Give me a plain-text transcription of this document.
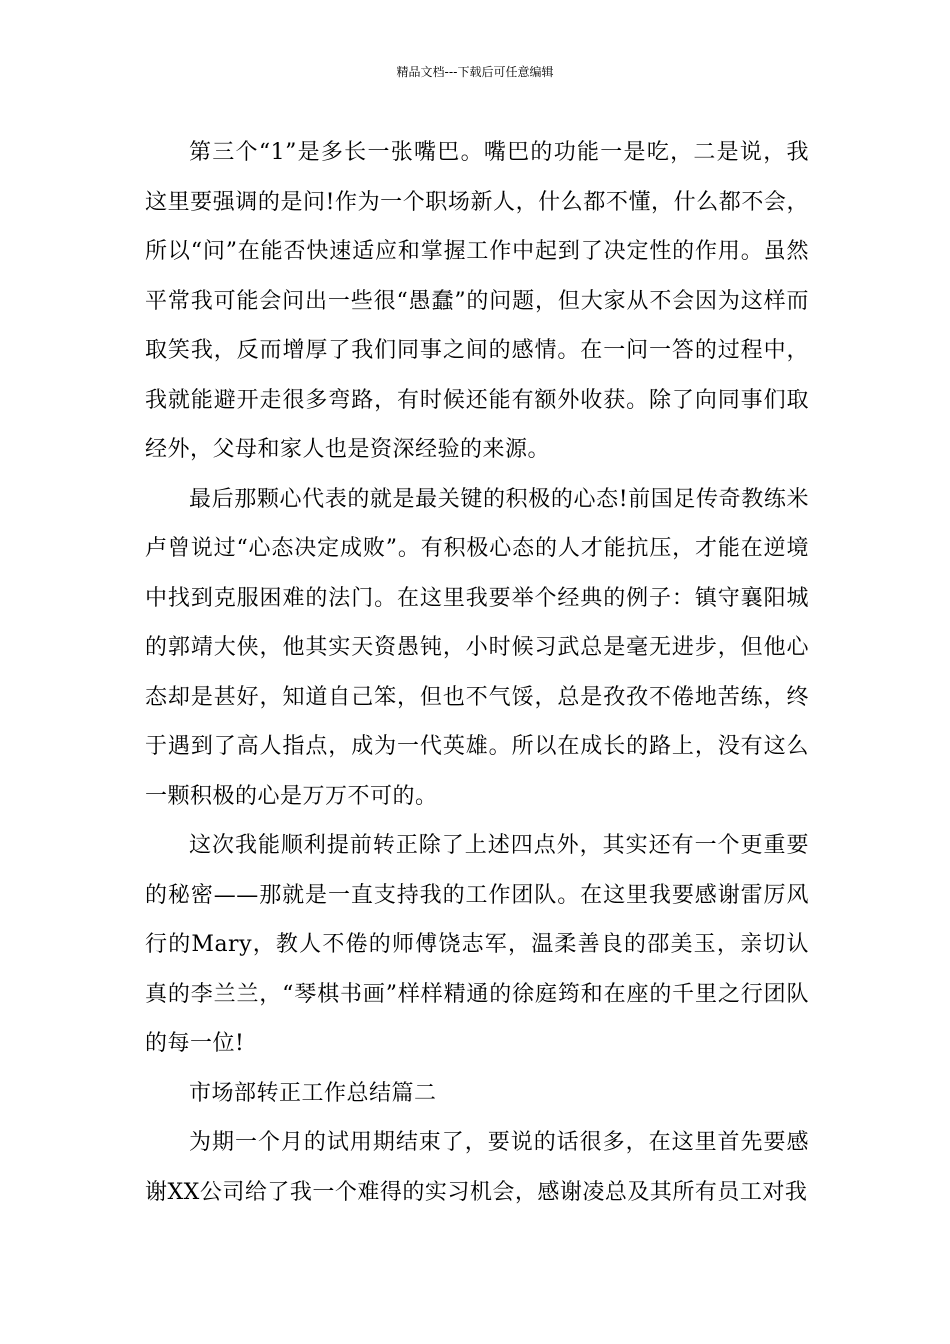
精品文档---下载后可任意编辑

第三个“1”是多长一张嘴巴。嘴巴的功能一是吃，二是说，我这里要强调的是问!作为一个职场新人，什么都不懂，什么都不会，所以“问”在能否快速适应和掌握工作中起到了决定性的作用。虽然平常我可能会问出一些很“愚蠢”的问题，但大家从不会因为这样而取笑我，反而增厚了我们同事之间的感情。在一问一答的过程中，我就能避开走很多弯路，有时候还能有额外收获。除了向同事们取经外，父母和家人也是资深经验的来源。

最后那颗心代表的就是最关键的积极的心态!前国足传奇教练米卢曾说过“心态决定成败”。有积极心态的人才能抗压，才能在逆境中找到克服困难的法门。在这里我要举个经典的例子：镇守襄阳城的郭靖大侠，他其实天资愚钝，小时候习武总是毫无进步，但他心态却是甚好，知道自己笨，但也不气馁，总是孜孜不倦地苦练，终于遇到了高人指点，成为一代英雄。所以在成长的路上，没有这么一颗积极的心是万万不可的。

这次我能顺利提前转正除了上述四点外，其实还有一个更重要的秘密——那就是一直支持我的工作团队。在这里我要感谢雷厉风行的Mary，教人不倦的师傅饶志军，温柔善良的邵美玉，亲切认真的李兰兰，“琴棋书画”样样精通的徐庭筠和在座的千里之行团队的每一位!

市场部转正工作总结篇二

为期一个月的试用期结束了，要说的话很多，在这里首先要感谢XX公司给了我一个难得的实习机会，感谢凌总及其所有员工对我
